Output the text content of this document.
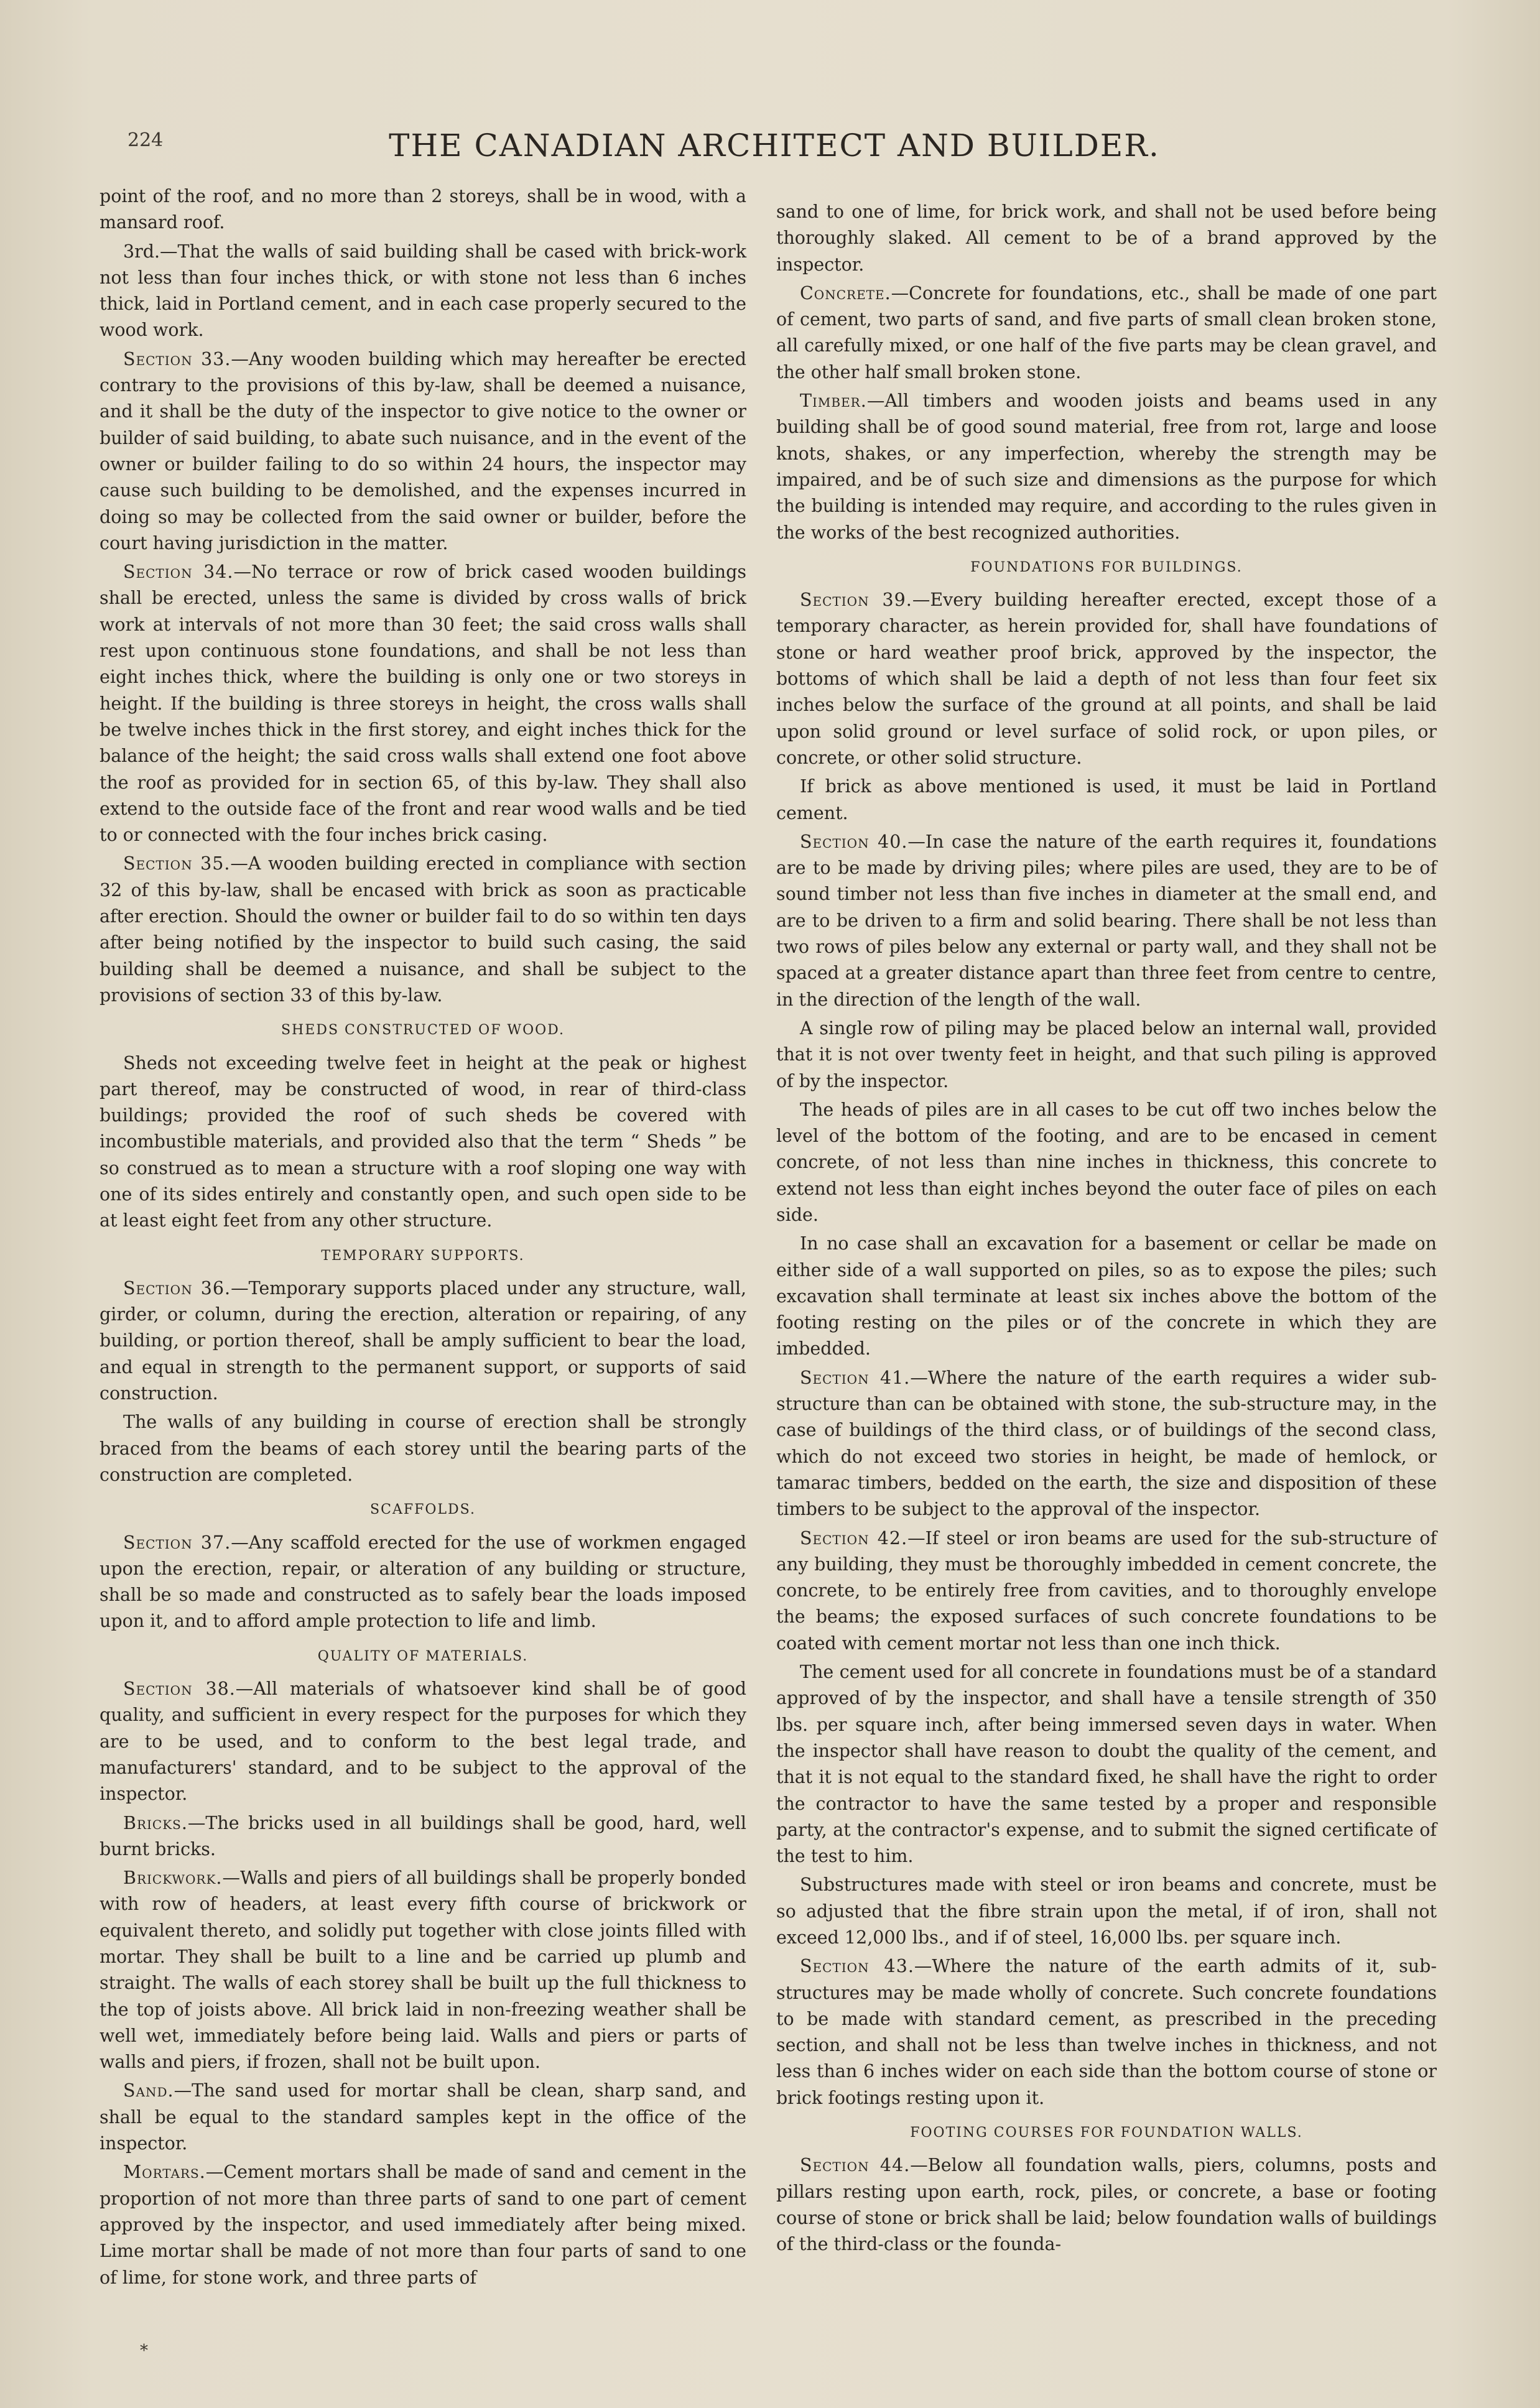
224	THE CANADIAN ARCHITECT AND BUILDER.

point of the roof, and no more than 2 storeys, shall be in wood, with a mansard roof.

3rd.—That the walls of said building shall be cased with brick-work not less than four inches thick, or with stone not less than 6 inches thick, laid in Portland cement, and in each case properly secured to the wood work.

Section 33.—Any wooden building which may hereafter be erected contrary to the provisions of this by-law, shall be deemed a nuisance, and it shall be the duty of the inspector to give notice to the owner or builder of said building, to abate such nuisance, and in the event of the owner or builder failing to do so within 24 hours, the inspector may cause such building to be demolished, and the expenses incurred in doing so may be collected from the said owner or builder, before the court having jurisdiction in the matter.

Section 34.—No terrace or row of brick cased wooden buildings shall be erected, unless the same is divided by cross walls of brick work at intervals of not more than 30 feet; the said cross walls shall rest upon continuous stone foundations, and shall be not less than eight inches thick, where the building is only one or two storeys in height. If the building is three storeys in height, the cross walls shall be twelve inches thick in the first storey, and eight inches thick for the balance of the height; the said cross walls shall extend one foot above the roof as provided for in section 65, of this by-law. They shall also extend to the outside face of the front and rear wood walls and be tied to or connected with the four inches brick casing.

Section 35.—A wooden building erected in compliance with section 32 of this by-law, shall be encased with brick as soon as practicable after erection. Should the owner or builder fail to do so within ten days after being notified by the inspector to build such casing, the said building shall be deemed a nuisance, and shall be subject to the provisions of section 33 of this by-law.

SHEDS CONSTRUCTED OF WOOD.

Sheds not exceeding twelve feet in height at the peak or highest part thereof, may be constructed of wood, in rear of third-class buildings; provided the roof of such sheds be covered with incombustible materials, and provided also that the term “ Sheds ” be so construed as to mean a structure with a roof sloping one way with one of its sides entirely and constantly open, and such open side to be at least eight feet from any other structure.

TEMPORARY SUPPORTS.

Section 36.—Temporary supports placed under any structure, wall, girder, or column, during the erection, alteration or repairing, of any building, or portion thereof, shall be amply sufficient to bear the load, and equal in strength to the permanent support, or supports of said construction.

The walls of any building in course of erection shall be strongly braced from the beams of each storey until the bearing parts of the construction are completed.

SCAFFOLDS.

Section 37.—Any scaffold erected for the use of workmen engaged upon the erection, repair, or alteration of any building or structure, shall be so made and constructed as to safely bear the loads imposed upon it, and to afford ample protection to life and limb.

QUALITY OF MATERIALS.

Section 38.—All materials of whatsoever kind shall be of good quality, and sufficient in every respect for the purposes for which they are to be used, and to conform to the best legal trade, and manufacturers' standard, and to be subject to the approval of the inspector.

Bricks.—The bricks used in all buildings shall be good, hard, well burnt bricks.

Brickwork.—Walls and piers of all buildings shall be properly bonded with row of headers, at least every fifth course of brickwork or equivalent thereto, and solidly put together with close joints filled with mortar. They shall be built to a line and be carried up plumb and straight. The walls of each storey shall be built up the full thickness to the top of joists above. All brick laid in non-freezing weather shall be well wet, immediately before being laid. Walls and piers or parts of walls and piers, if frozen, shall not be built upon.

Sand.—The sand used for mortar shall be clean, sharp sand, and shall be equal to the standard samples kept in the office of the inspector.

Mortars.—Cement mortars shall be made of sand and cement in the proportion of not more than three parts of sand to one part of cement approved by the inspector, and used immediately after being mixed. Lime mortar shall be made of not more than four parts of sand to one of lime, for stone work, and three parts of

sand to one of lime, for brick work, and shall not be used before being thoroughly slaked. All cement to be of a brand approved by the inspector.

Concrete.—Concrete for foundations, etc., shall be made of one part of cement, two parts of sand, and five parts of small clean broken stone, all carefully mixed, or one half of the five parts may be clean gravel, and the other half small broken stone.

Timber.—All timbers and wooden joists and beams used in any building shall be of good sound material, free from rot, large and loose knots, shakes, or any imperfection, whereby the strength may be impaired, and be of such size and dimensions as the purpose for which the building is intended may require, and according to the rules given in the works of the best recognized authorities.

FOUNDATIONS FOR BUILDINGS.

Section 39.—Every building hereafter erected, except those of a temporary character, as herein provided for, shall have foundations of stone or hard weather proof brick, approved by the inspector, the bottoms of which shall be laid a depth of not less than four feet six inches below the surface of the ground at all points, and shall be laid upon solid ground or level surface of solid rock, or upon piles, or concrete, or other solid structure.

If brick as above mentioned is used, it must be laid in Portland cement.

Section 40.—In case the nature of the earth requires it, foundations are to be made by driving piles; where piles are used, they are to be of sound timber not less than five inches in diameter at the small end, and are to be driven to a firm and solid bearing. There shall be not less than two rows of piles below any external or party wall, and they shall not be spaced at a greater distance apart than three feet from centre to centre, in the direction of the length of the wall.

A single row of piling may be placed below an internal wall, provided that it is not over twenty feet in height, and that such piling is approved of by the inspector.

The heads of piles are in all cases to be cut off two inches below the level of the bottom of the footing, and are to be encased in cement concrete, of not less than nine inches in thickness, this concrete to extend not less than eight inches beyond the outer face of piles on each side.

In no case shall an excavation for a basement or cellar be made on either side of a wall supported on piles, so as to expose the piles; such excavation shall terminate at least six inches above the bottom of the footing resting on the piles or of the concrete in which they are imbedded.

Section 41.—Where the nature of the earth requires a wider sub-structure than can be obtained with stone, the sub-structure may, in the case of buildings of the third class, or of buildings of the second class, which do not exceed two stories in height, be made of hemlock, or tamarac timbers, bedded on the earth, the size and disposition of these timbers to be subject to the approval of the inspector.

Section 42.—If steel or iron beams are used for the sub-structure of any building, they must be thoroughly imbedded in cement concrete, the concrete, to be entirely free from cavities, and to thoroughly envelope the beams; the exposed surfaces of such concrete foundations to be coated with cement mortar not less than one inch thick.

The cement used for all concrete in foundations must be of a standard approved of by the inspector, and shall have a tensile strength of 350 lbs. per square inch, after being immersed seven days in water. When the inspector shall have reason to doubt the quality of the cement, and that it is not equal to the standard fixed, he shall have the right to order the contractor to have the same tested by a proper and responsible party, at the contractor's expense, and to submit the signed certificate of the test to him.

Substructures made with steel or iron beams and concrete, must be so adjusted that the fibre strain upon the metal, if of iron, shall not exceed 12,000 lbs., and if of steel, 16,000 lbs. per square inch.

Section 43.—Where the nature of the earth admits of it, sub-structures may be made wholly of concrete. Such concrete foundations to be made with standard cement, as prescribed in the preceding section, and shall not be less than twelve inches in thickness, and not less than 6 inches wider on each side than the bottom course of stone or brick footings resting upon it.

FOOTING COURSES FOR FOUNDATION WALLS.

Section 44.—Below all foundation walls, piers, columns, posts and pillars resting upon earth, rock, piles, or concrete, a base or footing course of stone or brick shall be laid; below foundation walls of buildings of the third-class or the founda-

*
